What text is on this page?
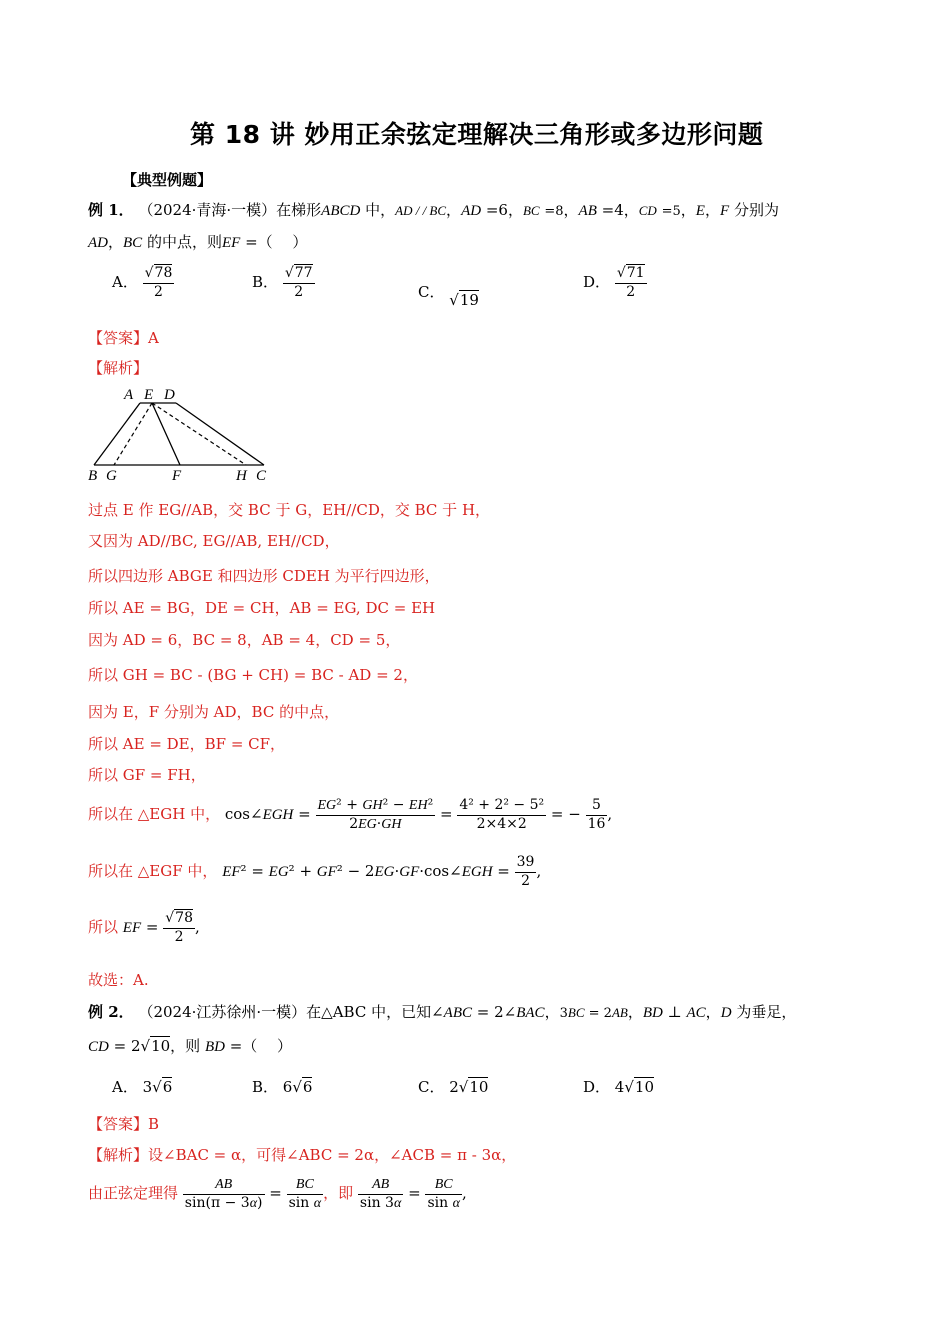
第 18 讲 妙用正余弦定理解决三角形或多边形问题
【典型例题】
例 1． （2024·青海·一模）在梯形ABCD 中，AD / / BC，AD =6，BC =8，AB =4，CD =5，E，F 分别为
AD，BC 的中点，则EF =（　 ）
A． $\frac{√78}{2}$	B． $\frac{√77}{2}$	C． √19
D． $\frac{√71}{2}$
【答案】A
【解析】
A E D
B G	F	H C
过点 E 作 EG//AB，交 BC 于 G，EH//CD，交 BC 于 H，
又因为 AD//BC, EG//AB, EH//CD，
所以四边形 ABGE 和四边形 CDEH 为平行四边形，
所以 AE = BG，DE = CH，AB = EG, DC = EH
因为 AD = 6，BC = 8，AB = 4，CD = 5，
所以 GH = BC - (BG + CH) = BC - AD = 2，
因为 E，F 分别为 AD，BC 的中点，
所以 AE = DE，BF = CF，
所以 GF = FH，
所以在 △EGH 中， cos∠EGH = $\frac{\text{EG² + GH² − EH²}}{2EG\cdot GH} = \frac{\text{4² + 2² − 5²}}{2\times 4\times 2}$ = − $\frac{5}{16}$ ,
所以在 △EGF 中， EF² = EG² + GF² − 2EG·GF·cos∠EGH = $\frac{39}{2}$ ,
所以 EF = $\frac{√78}{2}$ ,
故选：A.
例 2． （2024·江苏徐州·一模）在△ABC 中，已知∠ABC = 2∠BAC，3BC = 2AB，BD ⊥ AC，D 为垂足，
CD = 2√10，则 BD =（　 ）
A． 3√6	B． 6√6	C． 2√10	D． 4√10
【答案】B
【解析】设∠BAC = α，可得∠ABC = 2α，∠ACB = π - 3α，
由正弦定理得 $\frac{AB}{\sin(\pi - 3\alpha)} = \frac{BC}{\text{sin α}}$ ，即 $\frac{AB}{\sin 3\alpha} = \frac{BC}{\text{sin α}}$ ,
